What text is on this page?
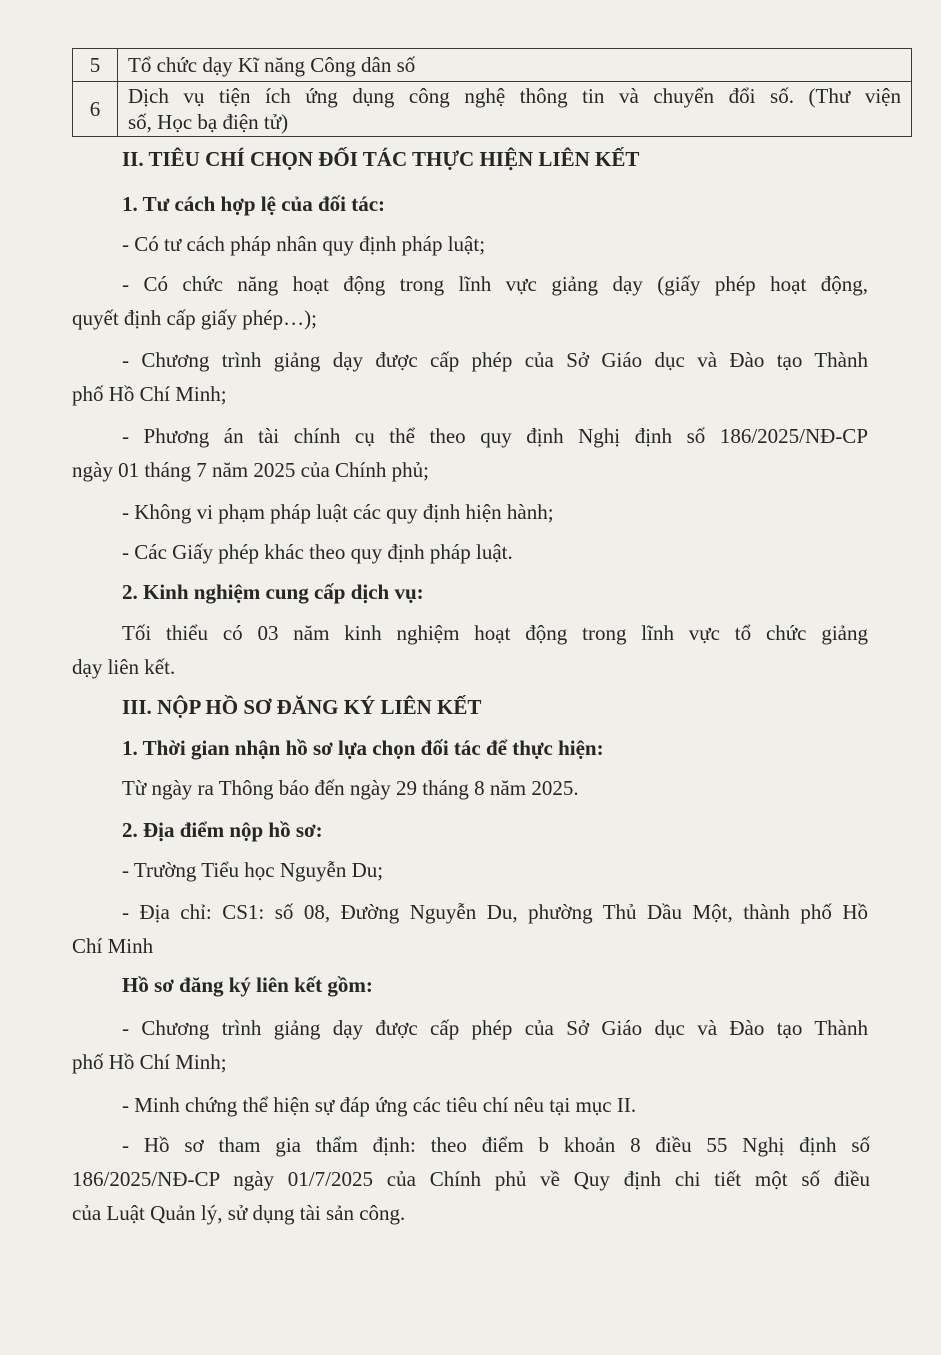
5	Tổ chức dạy Kĩ năng Công dân số
6	Dịch vụ tiện ích ứng dụng công nghệ thông tin và chuyển đổi số. (Thư viện
số, Học bạ điện tử)
II. TIÊU CHÍ CHỌN ĐỐI TÁC THỰC HIỆN LIÊN KẾT
1. Tư cách hợp lệ của đối tác:
- Có tư cách pháp nhân quy định pháp luật;
- Có chức năng hoạt động trong lĩnh vực giảng dạy (giấy phép hoạt động,
quyết định cấp giấy phép…);
- Chương trình giảng dạy được cấp phép của Sở Giáo dục và Đào tạo Thành
phố Hồ Chí Minh;
- Phương án tài chính cụ thể theo quy định Nghị định số 186/2025/NĐ-CP
ngày 01 tháng 7 năm 2025 của Chính phủ;
- Không vi phạm pháp luật các quy định hiện hành;
- Các Giấy phép khác theo quy định pháp luật.
2. Kinh nghiệm cung cấp dịch vụ:
Tối thiểu có 03 năm kinh nghiệm hoạt động trong lĩnh vực tổ chức giảng
dạy liên kết.
III. NỘP HỒ SƠ ĐĂNG KÝ LIÊN KẾT
1. Thời gian nhận hồ sơ lựa chọn đối tác để thực hiện:
Từ ngày ra Thông báo đến ngày 29 tháng 8 năm 2025.
2. Địa điểm nộp hồ sơ:
- Trường Tiểu học Nguyễn Du;
- Địa chỉ: CS1: số 08, Đường Nguyễn Du, phường Thủ Dầu Một, thành phố Hồ
Chí Minh
Hồ sơ đăng ký liên kết gồm:
- Chương trình giảng dạy được cấp phép của Sở Giáo dục và Đào tạo Thành
phố Hồ Chí Minh;
- Minh chứng thể hiện sự đáp ứng các tiêu chí nêu tại mục II.
- Hồ sơ tham gia thẩm định: theo điểm b khoản 8 điều 55 Nghị định số
186/2025/NĐ-CP ngày 01/7/2025 của Chính phủ về Quy định chi tiết một số điều
của Luật Quản lý, sử dụng tài sản công.
